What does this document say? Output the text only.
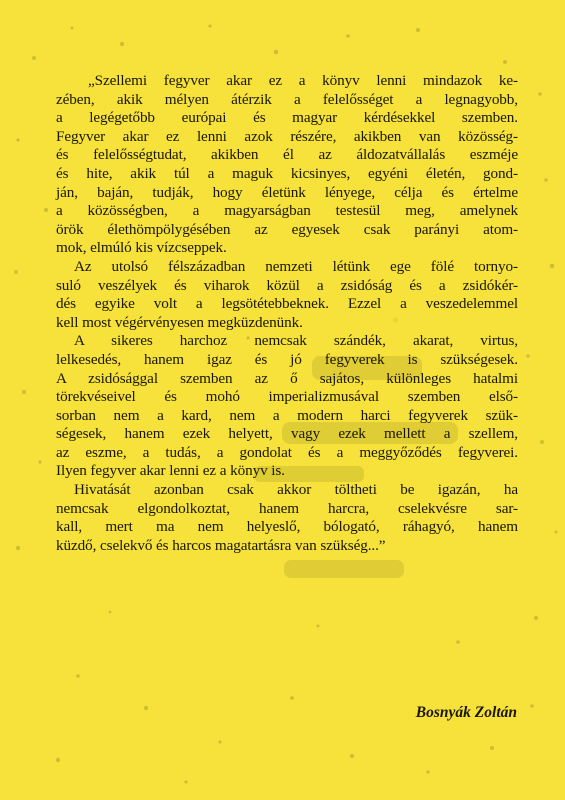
„Szellemi fegyver akar ez a könyv lenni mindazok ke-
zében, akik mélyen átérzik a felelősséget a legnagyobb,
a legégetőbb európai és magyar kérdésekkel szemben.
Fegyver akar ez lenni azok részére, akikben van közösség-
és felelősségtudat, akikben él az áldozatvállalás eszméje
és hite, akik túl a maguk kicsinyes, egyéni életén, gond-
ján, baján, tudják, hogy életünk lényege, célja és értelme
a közösségben, a magyarságban testesül meg, amelynek
örök élethömpölygésében az egyesek csak parányi atom-
mok, elmúló kis vízcseppek.
Az utolsó félszázadban nemzeti létünk ege fölé tornyo-
suló veszélyek és viharok közül a zsidóság és a zsidókér-
dés egyike volt a legsötétebbeknek. Ezzel a veszedelemmel
kell most végérvényesen megküzdenünk.
A sikeres harchoz nemcsak szándék, akarat, virtus,
lelkesedés, hanem igaz és jó fegyverek is szükségesek.
A zsidósággal szemben az ő sajátos, különleges hatalmi
törekvéseivel és mohó imperializmusával szemben első-
sorban nem a kard, nem a modern harci fegyverek szük-
ségesek, hanem ezek helyett, vagy ezek mellett a szellem,
az eszme, a tudás, a gondolat és a meggyőződés fegyverei.
Ilyen fegyver akar lenni ez a könyv is.
Hivatását azonban csak akkor töltheti be igazán, ha
nemcsak elgondolkoztat, hanem harcra, cselekvésre sar-
kall, mert ma nem helyeslő, bólogató, ráhagyó, hanem
küzdő, cselekvő és harcos magatartásra van szükség...”
Bosnyák Zoltán
